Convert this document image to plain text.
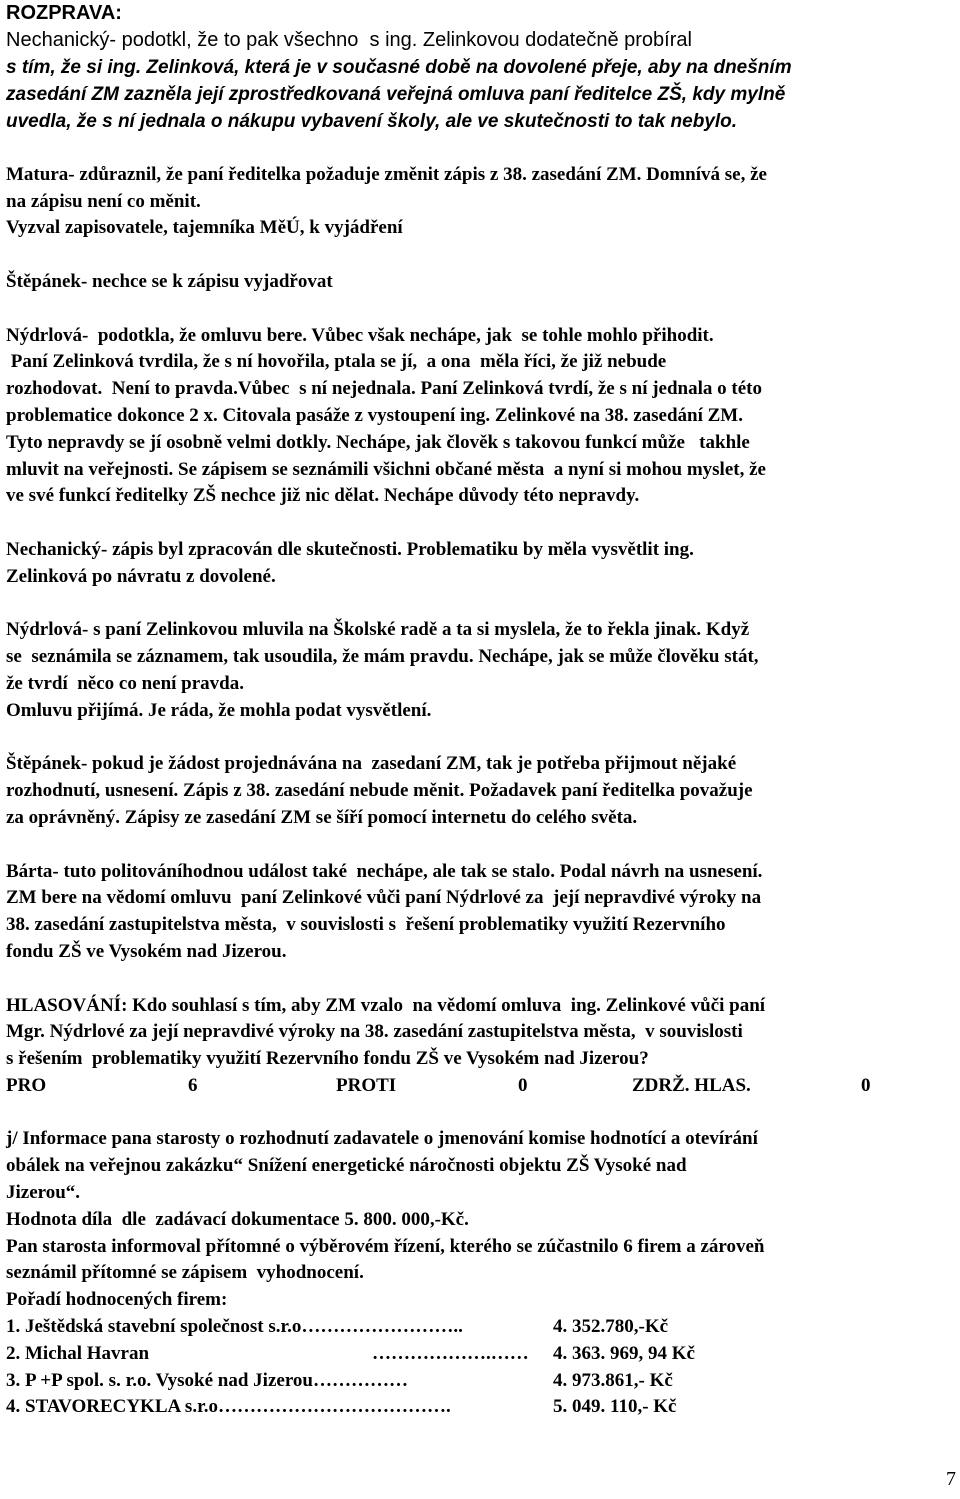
ROZPRAVA:
Nechanický- podotkl, že to pak všechno  s ing. Zelinkovou dodatečně probíral
s tím, že si ing. Zelinková, která je v současné době na dovolené přeje, aby na dnešním
zasedání ZM zazněla její zprostředkovaná veřejná omluva paní ředitelce ZŠ, kdy mylně
uvedla, že s ní jednala o nákupu vybavení školy, ale ve skutečnosti to tak nebylo.
Matura- zdůraznil, že paní ředitelka požaduje změnit zápis z 38. zasedání ZM. Domnívá se, že
na zápisu není co měnit.
Vyzval zapisovatele, tajemníka MěÚ, k vyjádření
Štěpánek- nechce se k zápisu vyjadřovat
Nýdrlová-  podotkla, že omluvu bere. Vůbec však nechápe, jak  se tohle mohlo přihodit.
Paní Zelinková tvrdila, že s ní hovořila, ptala se jí,  a ona  měla říci, že již nebude
rozhodovat.  Není to pravda.Vůbec  s ní nejednala. Paní Zelinková tvrdí, že s ní jednala o této
problematice dokonce 2 x. Citovala pasáže z vystoupení ing. Zelinkové na 38. zasedání ZM.
Tyto nepravdy se jí osobně velmi dotkly. Nechápe, jak člověk s takovou funkcí může   takhle
mluvit na veřejnosti. Se zápisem se seznámili všichni občané města  a nyní si mohou myslet, že
ve své funkcí ředitelky ZŠ nechce již nic dělat. Nechápe důvody této nepravdy.
Nechanický- zápis byl zpracován dle skutečnosti. Problematiku by měla vysvětlit ing.
Zelinková po návratu z dovolené.
Nýdrlová- s paní Zelinkovou mluvila na Školské radě a ta si myslela, že to řekla jinak. Když
se  seznámila se záznamem, tak usoudila, že mám pravdu. Nechápe, jak se může člověku stát,
že tvrdí  něco co není pravda.
Omluvu přijímá. Je ráda, že mohla podat vysvětlení.
Štěpánek- pokud je žádost projednávána na  zasedaní ZM, tak je potřeba přijmout nějaké
rozhodnutí, usnesení. Zápis z 38. zasedání nebude měnit. Požadavek paní ředitelka považuje
za oprávněný. Zápisy ze zasedání ZM se šíří pomocí internetu do celého světa.
Bárta- tuto politováníhodnou událost také  nechápe, ale tak se stalo. Podal návrh na usnesení.
ZM bere na vědomí omluvu  paní Zelinkové vůči paní Nýdrlové za  její nepravdivé výroky na
38. zasedání zastupitelstva města,  v souvislosti s  řešení problematiky využití Rezervního
fondu ZŠ ve Vysokém nad Jizerou.
HLASOVÁNÍ: Kdo souhlasí s tím, aby ZM vzalo  na vědomí omluva  ing. Zelinkové vůči paní
Mgr. Nýdrlové za její nepravdivé výroky na 38. zasedání zastupitelstva města,  v souvislosti
s řešením  problematiky využití Rezervního fondu ZŠ ve Vysokém nad Jizerou?
PRO	6	PROTI	0	ZDRŽ. HLAS.	0
j/ Informace pana starosty o rozhodnutí zadavatele o jmenování komise hodnotící a otevírání
obálek na veřejnou zakázku“ Snížení energetické náročnosti objektu ZŠ Vysoké nad
Jizerou“.
Hodnota díla  dle  zadávací dokumentace 5. 800. 000,-Kč.
Pan starosta informoval přítomné o výběrovém řízení, kterého se zúčastnilo 6 firem a zároveň
seznámil přítomné se zápisem  vyhodnocení.
Pořadí hodnocených firem:
1. Ještědská stavební společnost s.r.o……………………..	4. 352.780,-Kč
2. Michal Havran	……………….…… 4. 363. 969, 94 Kč
3. P +P spol. s. r.o. Vysoké nad Jizerou……………	4. 973.861,- Kč
4. STAVORECYKLA s.r.o……………………………….	5. 049. 110,- Kč
7
